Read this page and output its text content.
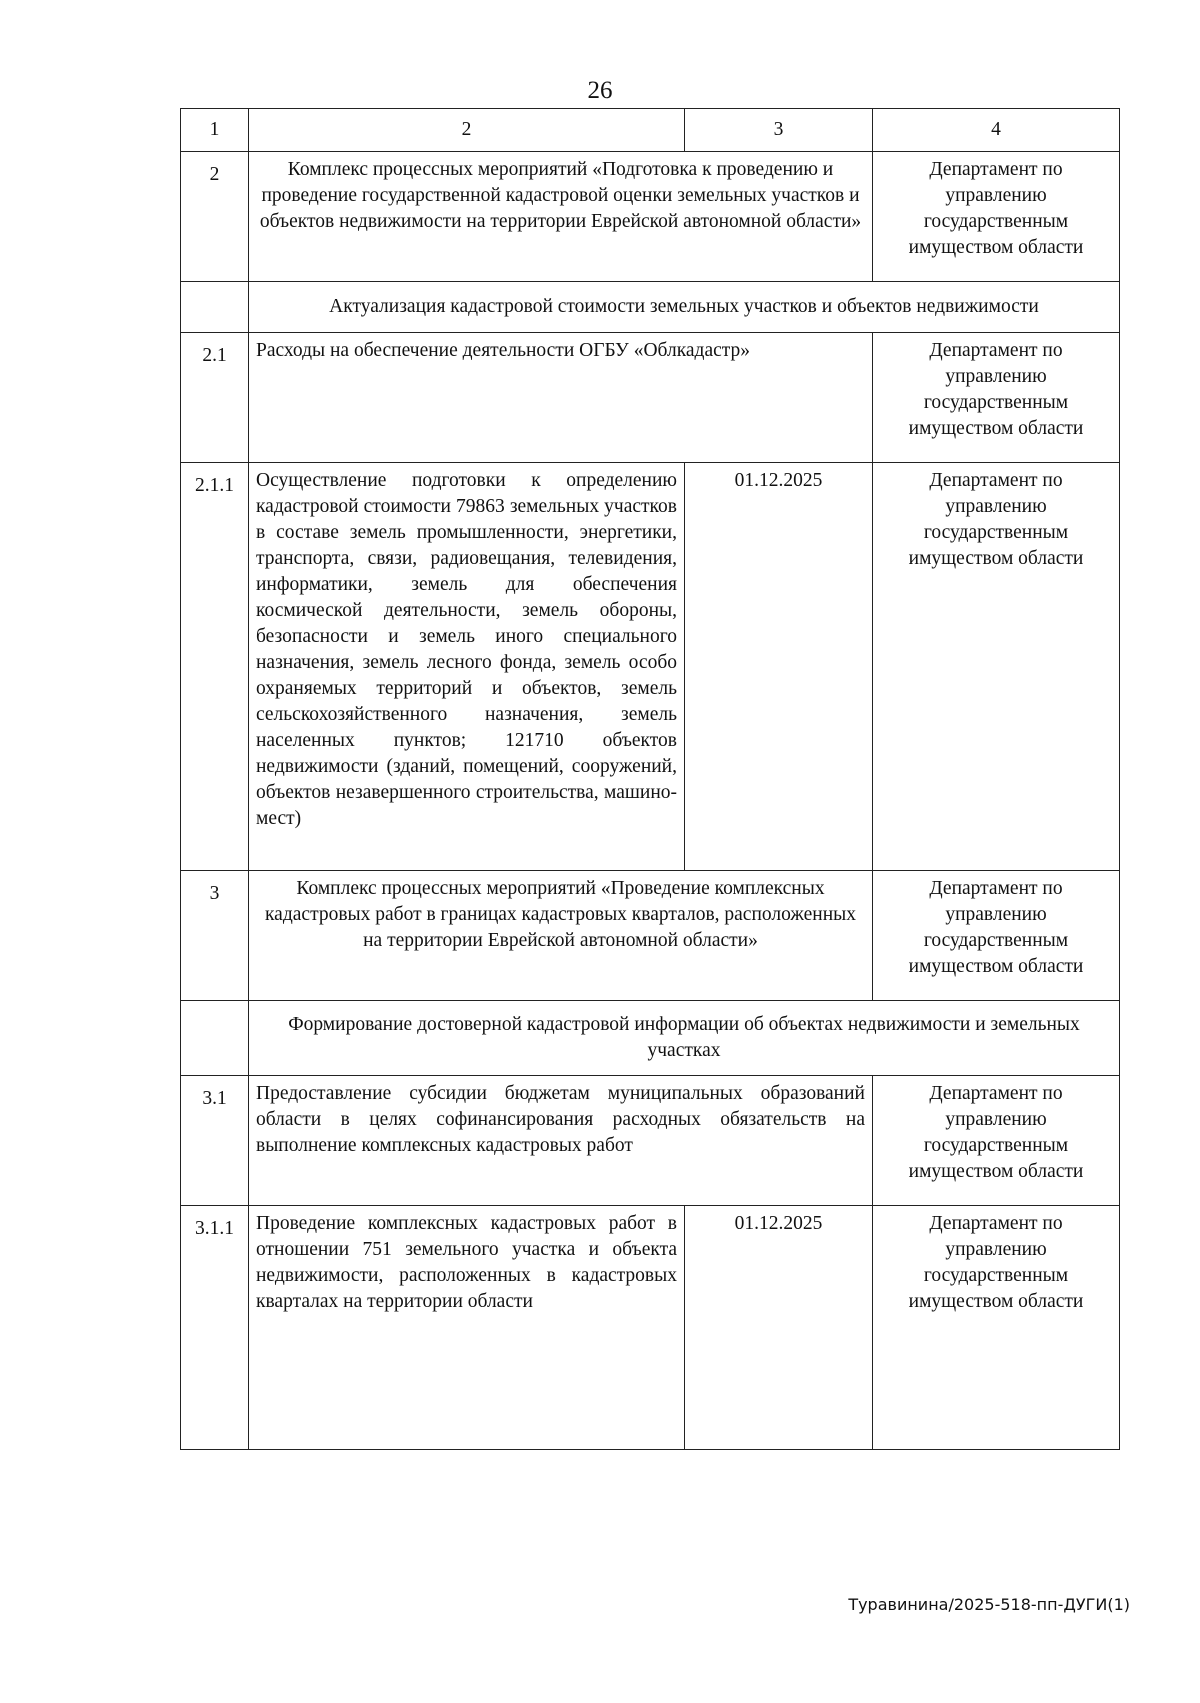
26
1	2	3	4
2	Комплекс процессных мероприятий «Подготовка к проведению и проведение государственной кадастровой оценки земельных участков и объектов недвижимости на территории Еврейской автономной области»		Департамент по управлению государственным имуществом области
	Актуализация кадастровой стоимости земельных участков и объектов недвижимости		
2.1	Расходы на обеспечение деятельности ОГБУ «Облкадастр»		Департамент по управлению государственным имуществом области
2.1.1	Осуществление подготовки к определению кадастровой стоимости 79863 земельных участков в составе земель промышленности, энергетики, транспорта, связи, радиовещания, телевидения, информатики, земель для обеспечения космической деятельности, земель обороны, безопасности и земель иного специального назначения, земель лесного фонда, земель особо охраняемых территорий и объектов, земель сельскохозяйственного назначения, земель населенных пунктов; 121710 объектов недвижимости (зданий, помещений, сооружений, объектов незавершенного строительства, машино-мест)	01.12.2025	Департамент по управлению государственным имуществом области
3	Комплекс процессных мероприятий «Проведение комплексных кадастровых работ в границах кадастровых кварталов, расположенных на территории Еврейской автономной области»		Департамент по управлению государственным имуществом области
	Формирование достоверной кадастровой информации об объектах недвижимости и земельных участках		
3.1	Предоставление субсидии бюджетам муниципальных образований области в целях софинансирования расходных обязательств на выполнение комплексных кадастровых работ		Департамент по управлению государственным имуществом области
3.1.1	Проведение комплексных кадастровых работ в отношении 751 земельного участка и объекта недвижимости, расположенных в кадастровых кварталах на территории области	01.12.2025	Департамент по управлению государственным имуществом области
Туравинина/2025-518-пп-ДУГИ(1)
